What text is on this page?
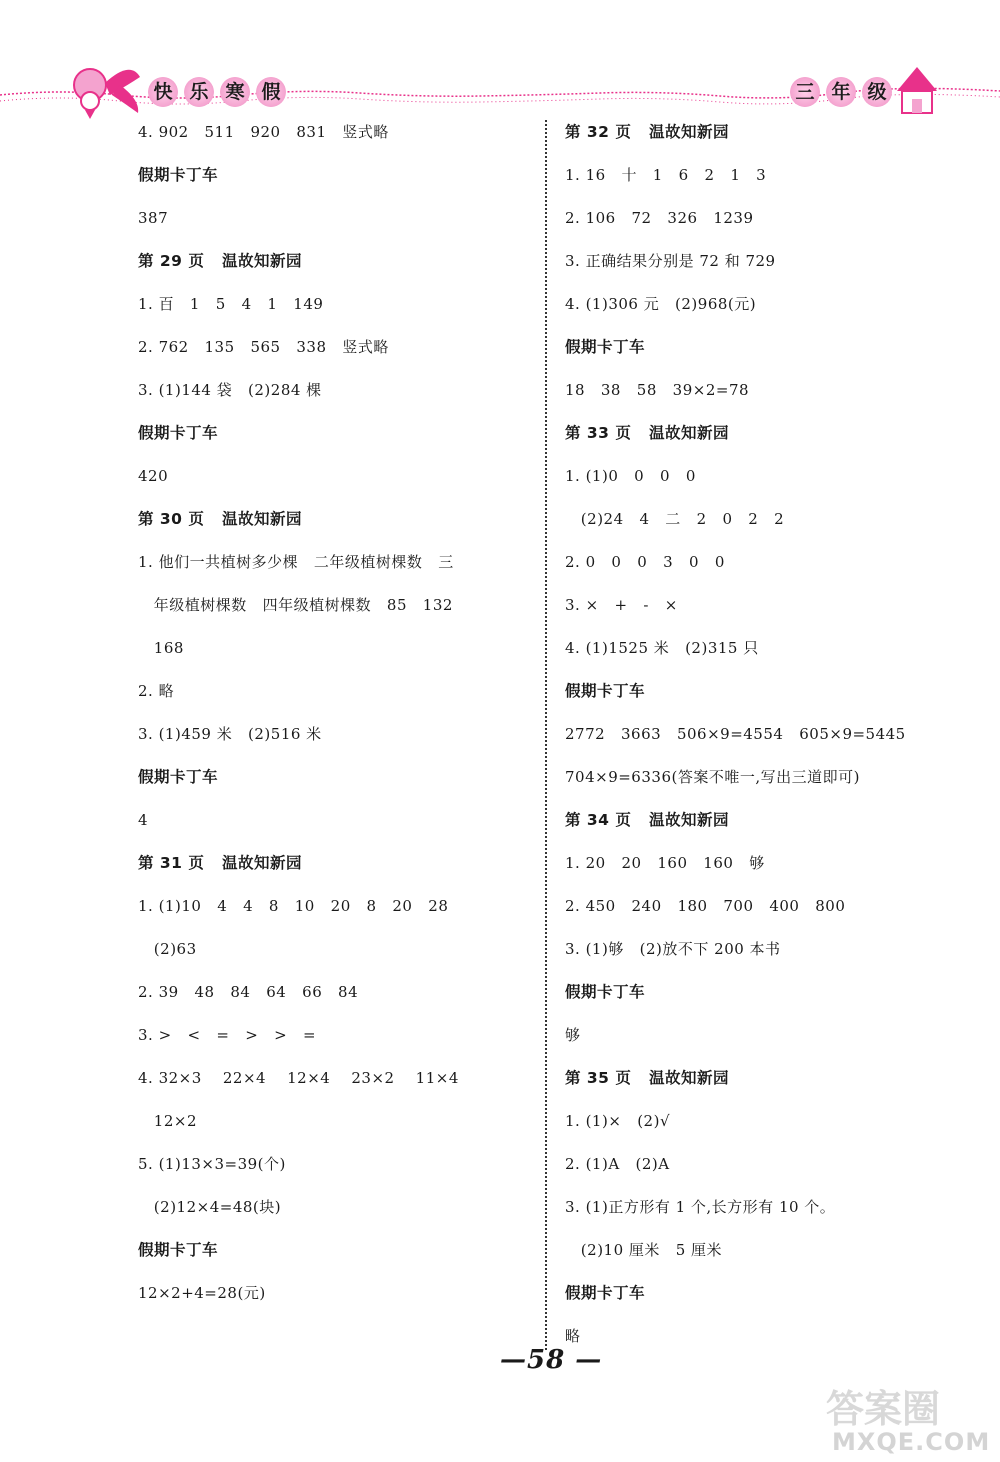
快 乐 寒 假	三 年 级
4. 902   511   920   831   竖式略
假期卡丁车
387
第 29 页   温故知新园
1. 百   1   5   4   1   149
2. 762   135   565   338   竖式略
3. (1)144 袋   (2)284 棵
假期卡丁车
420
第 30 页   温故知新园
1. 他们一共植树多少棵   二年级植树棵数   三
年级植树棵数   四年级植树棵数   85   132
168
2. 略
3. (1)459 米   (2)516 米
假期卡丁车
4
第 31 页   温故知新园
1. (1)10   4   4   8   10   20   8   20   28
(2)63
2. 39   48   84   64   66   84
3. >   <   =   >   >   =
4. 32×3    22×4    12×4    23×2    11×4
12×2
5. (1)13×3=39(个)
(2)12×4=48(块)
假期卡丁车
12×2+4=28(元)
第 32 页   温故知新园
1. 16   十   1   6   2   1   3
2. 106   72   326   1239
3. 正确结果分别是 72 和 729
4. (1)306 元   (2)968(元)
假期卡丁车
18   38   58   39×2=78
第 33 页   温故知新园
1. (1)0   0   0   0
(2)24   4   二   2   0   2   2
2. 0   0   0   3   0   0
3. ×   +   -   ×
4. (1)1525 米   (2)315 只
假期卡丁车
2772   3663   506×9=4554   605×9=5445
704×9=6336(答案不唯一,写出三道即可)
第 34 页   温故知新园
1. 20   20   160   160   够
2. 450   240   180   700   400   800
3. (1)够   (2)放不下 200 本书
假期卡丁车
够
第 35 页   温故知新园
1. (1)×   (2)√
2. (1)A   (2)A
3. (1)正方形有 1 个,长方形有 10 个。
(2)10 厘米   5 厘米
假期卡丁车
略
—58 —
答案圈
MXQE.COM
